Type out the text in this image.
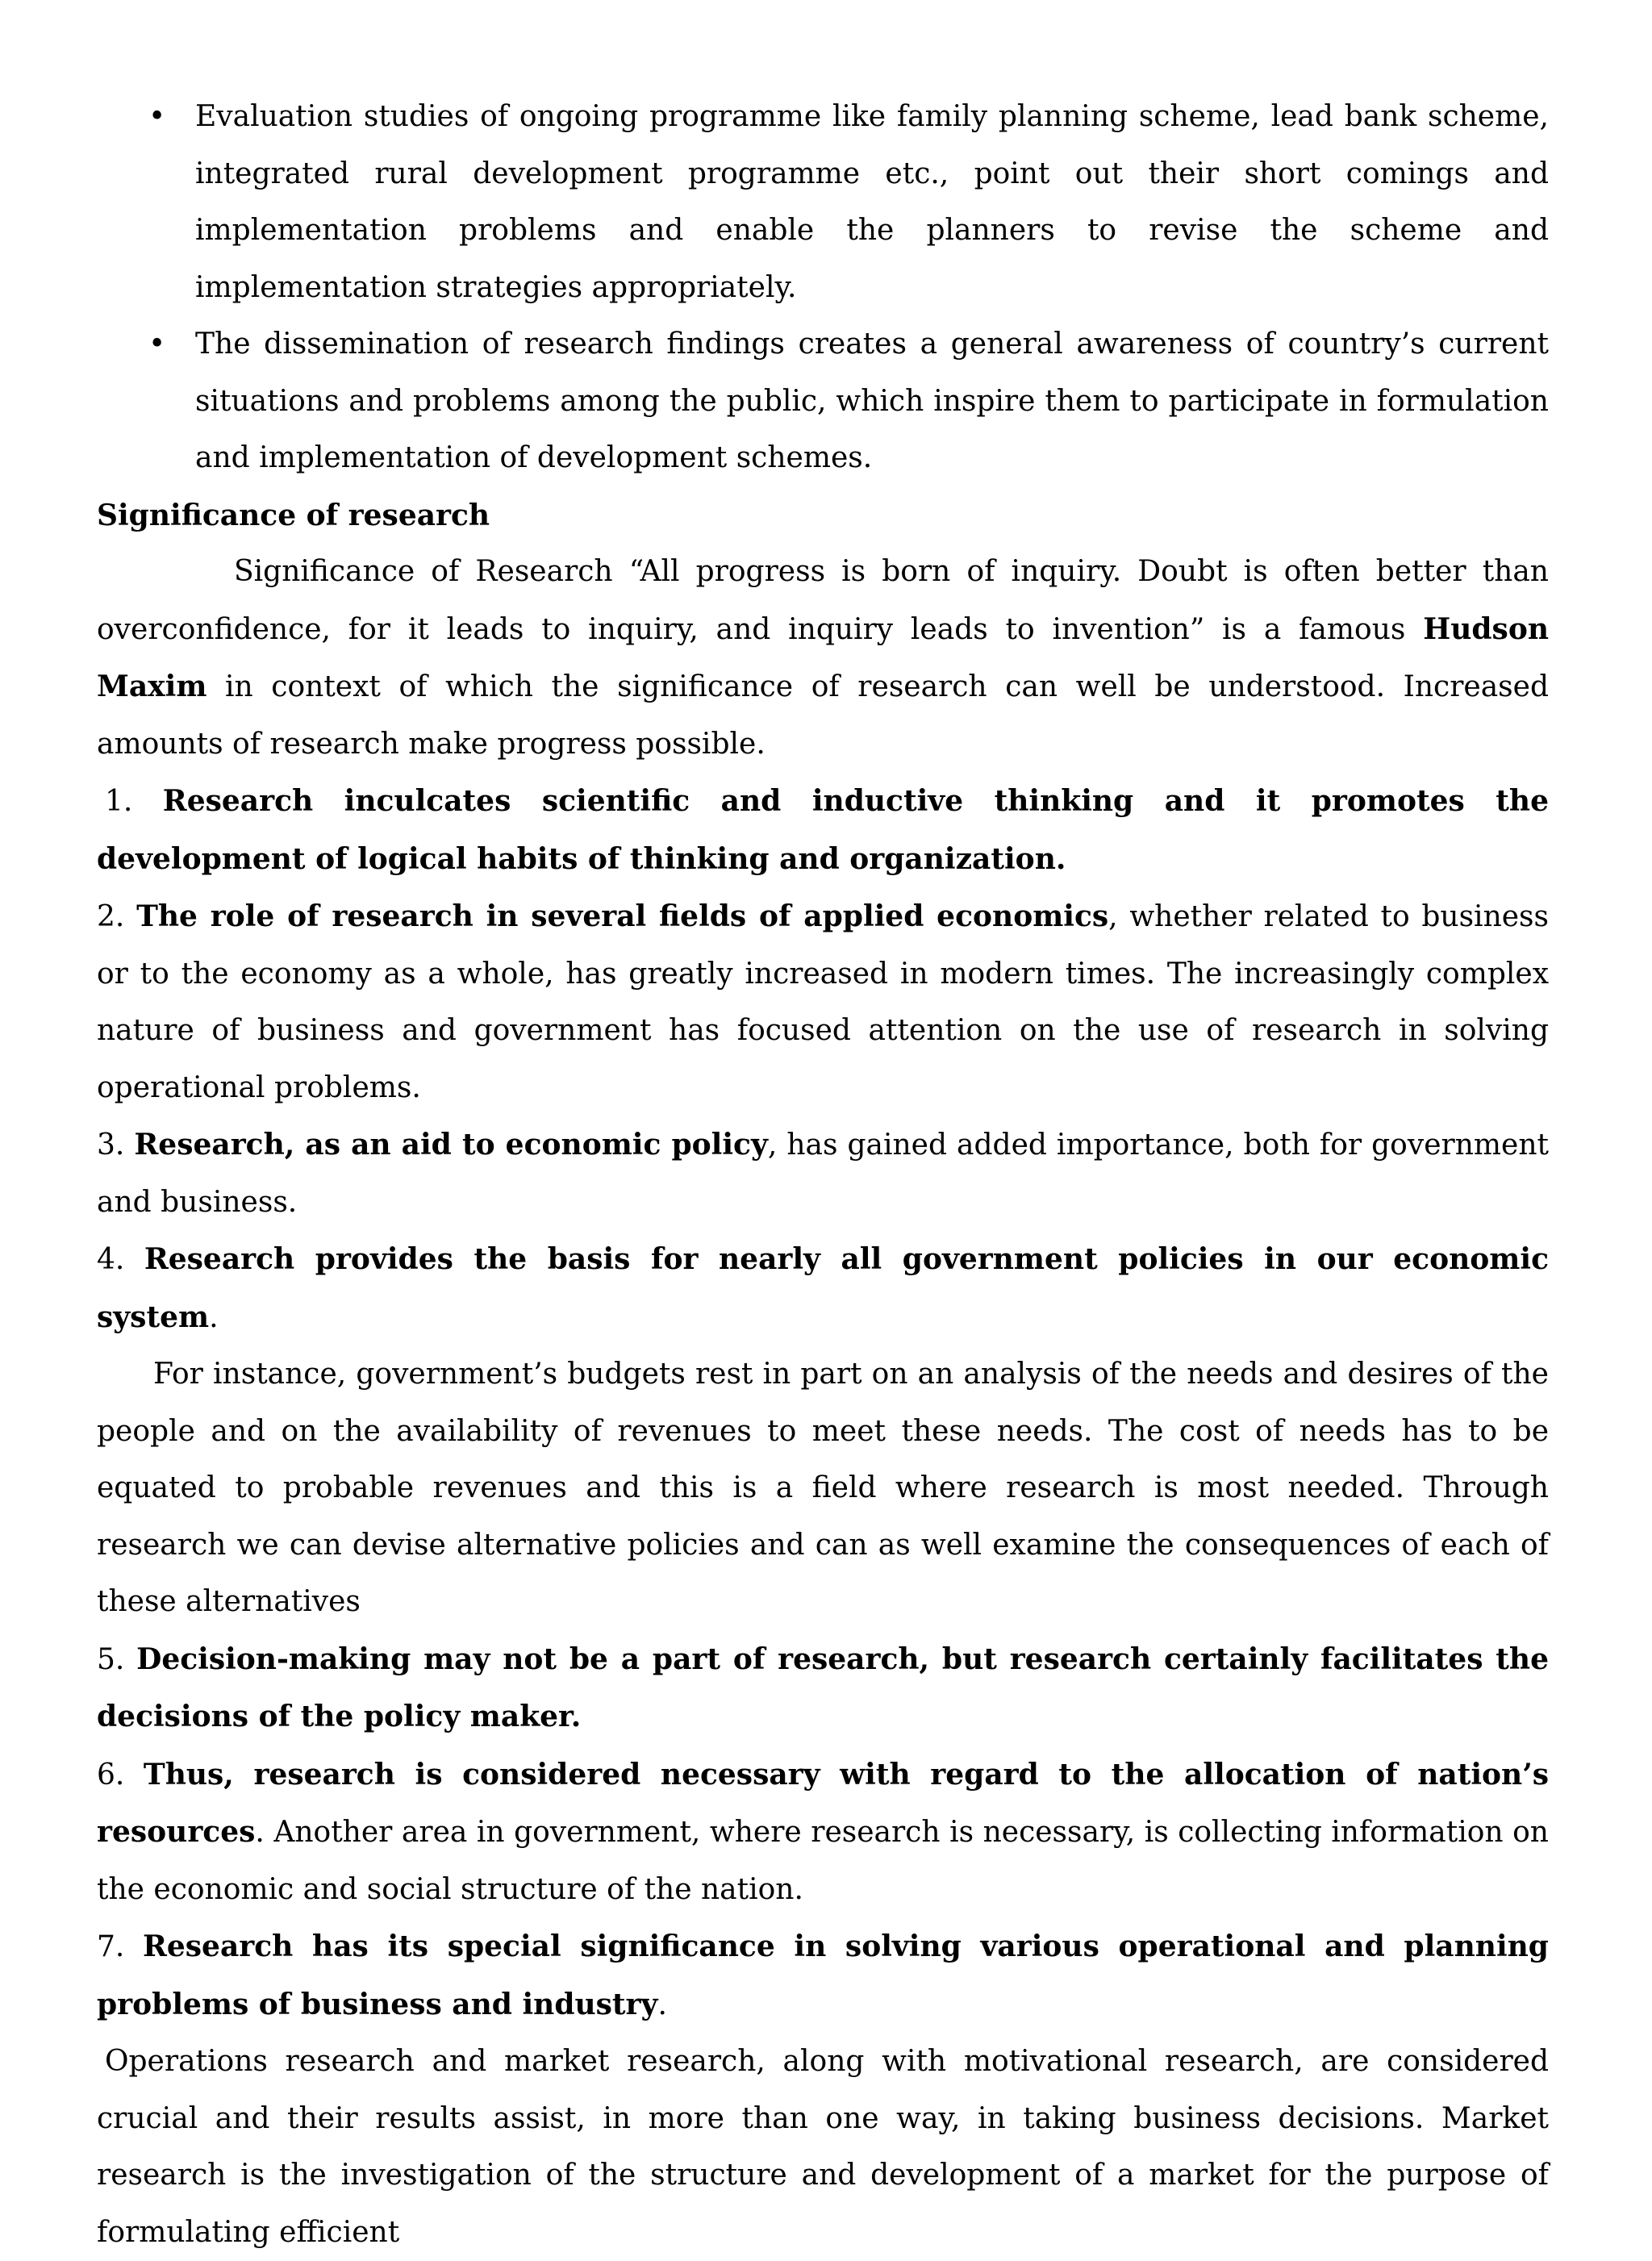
• Evaluation studies of ongoing programme like family planning scheme, lead bank scheme, integrated rural development programme etc., point out their short comings and implementation problems and enable the planners to revise the scheme and implementation strategies appropriately.
• The dissemination of research findings creates a general awareness of country’s current situations and problems among the public, which inspire them to participate in formulation and implementation of development schemes.

Significance of research

Significance of Research “All progress is born of inquiry. Doubt is often better than overconfidence, for it leads to inquiry, and inquiry leads to invention” is a famous Hudson Maxim in context of which the significance of research can well be understood. Increased amounts of research make progress possible.

1. Research inculcates scientific and inductive thinking and it promotes the development of logical habits of thinking and organization.

2. The role of research in several fields of applied economics, whether related to business or to the economy as a whole, has greatly increased in modern times. The increasingly complex nature of business and government has focused attention on the use of research in solving operational problems.

3. Research, as an aid to economic policy, has gained added importance, both for government and business.

4. Research provides the basis for nearly all government policies in our economic system.

For instance, government’s budgets rest in part on an analysis of the needs and desires of the people and on the availability of revenues to meet these needs. The cost of needs has to be equated to probable revenues and this is a field where research is most needed. Through research we can devise alternative policies and can as well examine the consequences of each of these alternatives

5. Decision-making may not be a part of research, but research certainly facilitates the decisions of the policy maker.

6. Thus, research is considered necessary with regard to the allocation of nation’s resources. Another area in government, where research is necessary, is collecting information on the economic and social structure of the nation.

7. Research has its special significance in solving various operational and planning problems of business and industry.

Operations research and market research, along with motivational research, are considered crucial and their results assist, in more than one way, in taking business decisions. Market research is the investigation of the structure and development of a market for the purpose of formulating efficient
